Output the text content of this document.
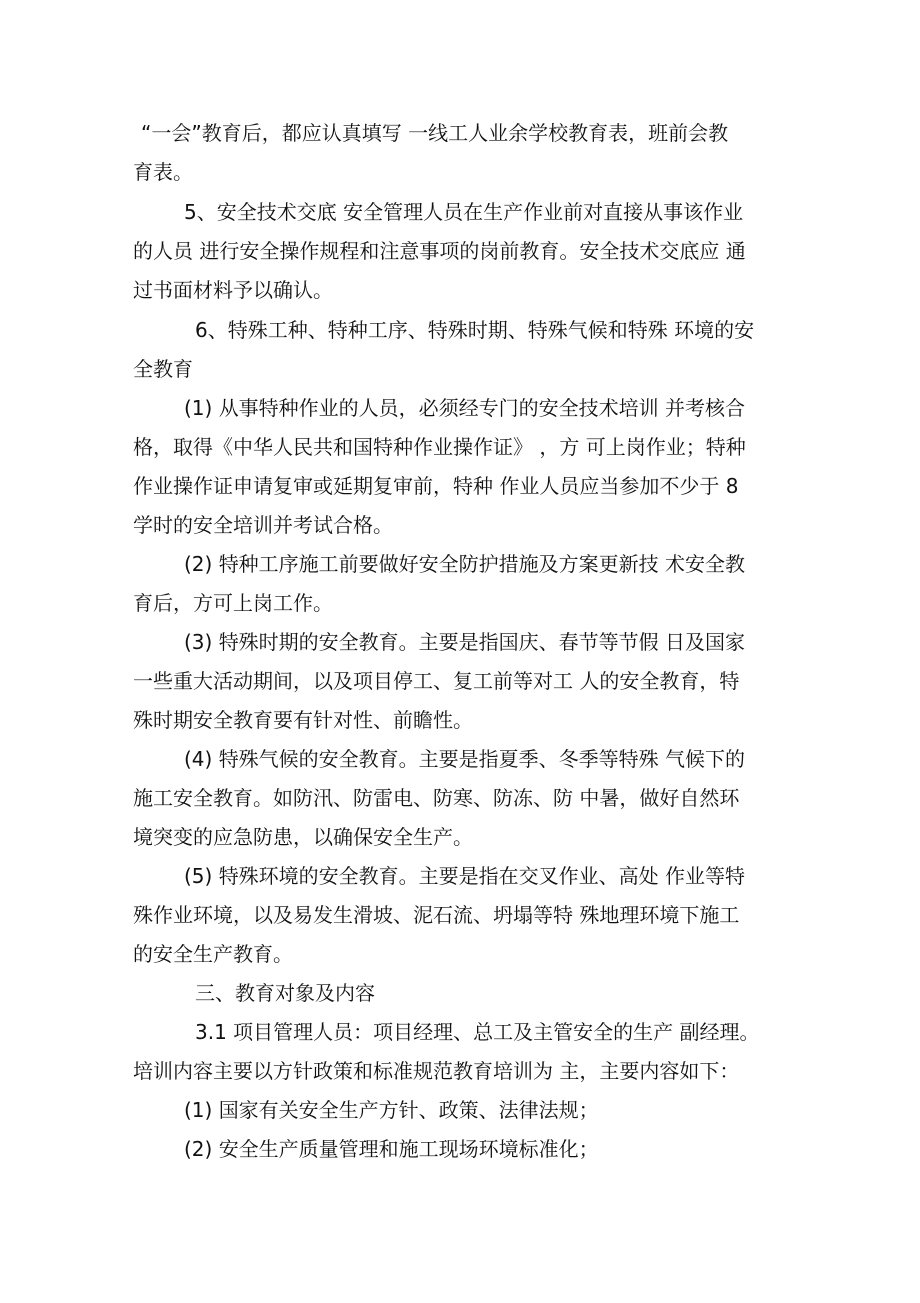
“一会”教育后，都应认真填写 一线工人业余学校教育表，班前会教
育表。
5、安全技术交底 安全管理人员在生产作业前对直接从事该作业
的人员 进行安全操作规程和注意事项的岗前教育。安全技术交底应 通
过书面材料予以确认。
6、特殊工种、特种工序、特殊时期、特殊气候和特殊 环境的安
全教育
(1) 从事特种作业的人员，必须经专门的安全技术培训 并考核合
格，取得《中华人民共和国特种作业操作证》 ，方 可上岗作业；特种
作业操作证申请复审或延期复审前，特种 作业人员应当参加不少于 8
学时的安全培训并考试合格。
(2) 特种工序施工前要做好安全防护措施及方案更新技 术安全教
育后，方可上岗工作。
(3) 特殊时期的安全教育。主要是指国庆、春节等节假 日及国家
一些重大活动期间，以及项目停工、复工前等对工 人的安全教育，特
殊时期安全教育要有针对性、前瞻性。
(4) 特殊气候的安全教育。主要是指夏季、冬季等特殊 气候下的
施工安全教育。如防汛、防雷电、防寒、防冻、防 中暑，做好自然环
境突变的应急防患，以确保安全生产。
(5) 特殊环境的安全教育。主要是指在交叉作业、高处 作业等特
殊作业环境，以及易发生滑坡、泥石流、坍塌等特 殊地理环境下施工
的安全生产教育。
三、教育对象及内容
3.1 项目管理人员：项目经理、总工及主管安全的生产 副经理。
培训内容主要以方针政策和标准规范教育培训为 主，主要内容如下：
(1) 国家有关安全生产方针、政策、法律法规；
(2) 安全生产质量管理和施工现场环境标准化；
